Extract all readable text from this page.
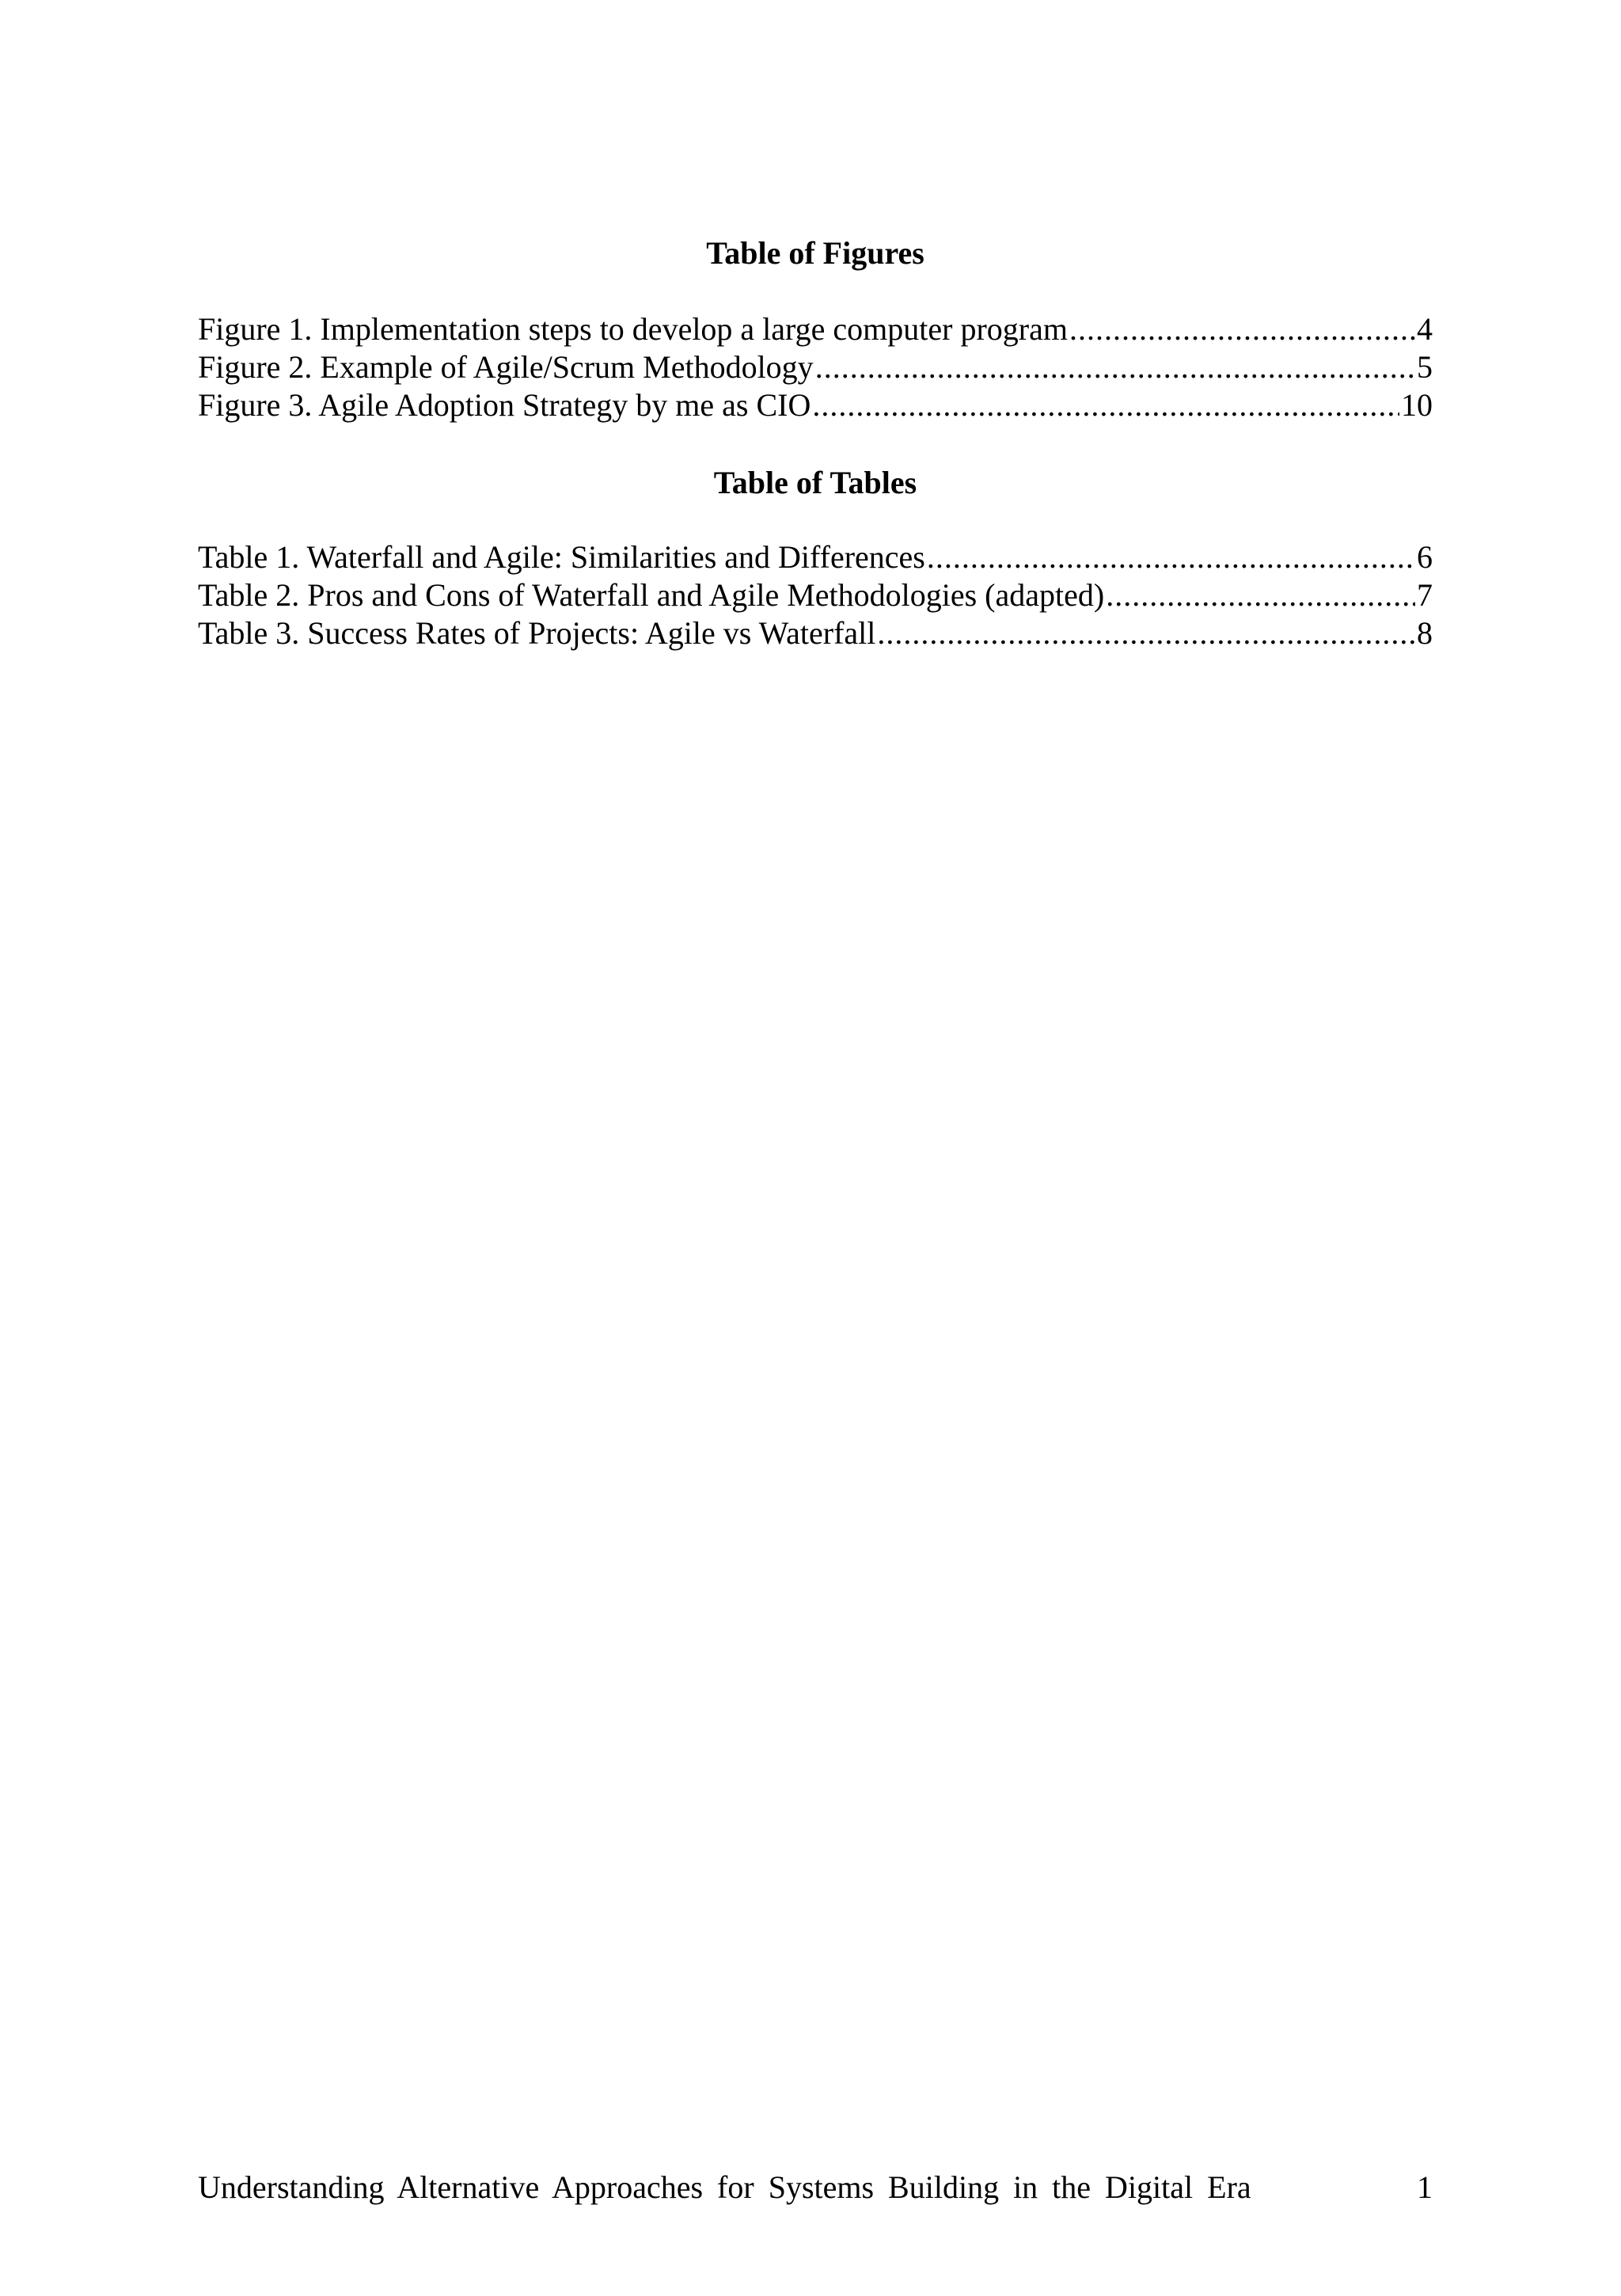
Table of Figures
Figure 1. Implementation steps to develop a large computer program .....	4
Figure 2. Example of Agile/Scrum Methodology .....	5
Figure 3. Agile Adoption Strategy by me as CIO .....	10
Table of Tables
Table 1. Waterfall and Agile: Similarities and Differences .....	6
Table 2. Pros and Cons of Waterfall and Agile Methodologies (adapted) .....	7
Table 3. Success Rates of Projects: Agile vs Waterfall .....	8
Understanding Alternative Approaches for Systems Building in the Digital Era	1
